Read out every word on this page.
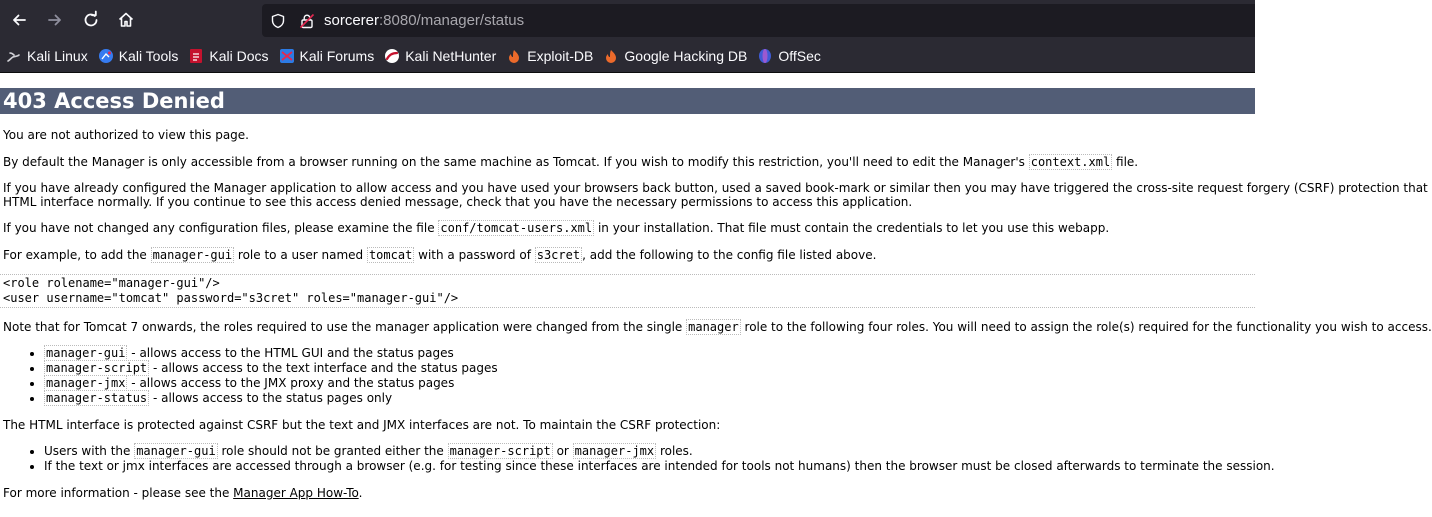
sorcerer:8080/manager/status
Kali Linux Kali Tools Kali Docs Kali Forums Kali NetHunter Exploit-DB Google Hacking DB OffSec
403 Access Denied

You are not authorized to view this page.

By default the Manager is only accessible from a browser running on the same machine as Tomcat. If you wish to modify this restriction, you'll need to edit the Manager's context.xml file.

If you have already configured the Manager application to allow access and you have used your browsers back button, used a saved book-mark or similar then you may have triggered the cross-site request forgery (CSRF) protection that
HTML interface normally. If you continue to see this access denied message, check that you have the necessary permissions to access this application.

If you have not changed any configuration files, please examine the file conf/tomcat-users.xml in your installation. That file must contain the credentials to let you use this webapp.

For example, to add the manager-gui role to a user named tomcat with a password of s3cret , add the following to the config file listed above.

<role rolename="manager-gui"/>
<user username="tomcat" password="s3cret" roles="manager-gui"/>

Note that for Tomcat 7 onwards, the roles required to use the manager application were changed from the single manager role to the following four roles. You will need to assign the role(s) required for the functionality you wish to access.

• manager-gui - allows access to the HTML GUI and the status pages
• manager-script - allows access to the text interface and the status pages
• manager-jmx - allows access to the JMX proxy and the status pages
• manager-status - allows access to the status pages only

The HTML interface is protected against CSRF but the text and JMX interfaces are not. To maintain the CSRF protection:

• Users with the manager-gui role should not be granted either the manager-script or manager-jmx roles.
• If the text or jmx interfaces are accessed through a browser (e.g. for testing since these interfaces are intended for tools not humans) then the browser must be closed afterwards to terminate the session.

For more information - please see the Manager App How-To.
